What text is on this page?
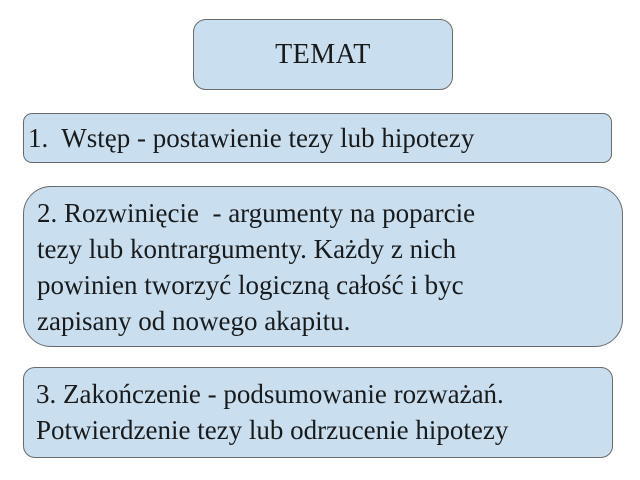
TEMAT

1.  Wstęp - postawienie tezy lub hipotezy

2. Rozwinięcie  - argumenty na poparcie

tezy lub kontrargumenty. Każdy z nich

powinien tworzyć logiczną całość i byc

zapisany od nowego akapitu.

3. Zakończenie - podsumowanie rozważań.

Potwierdzenie tezy lub odrzucenie hipotezy
